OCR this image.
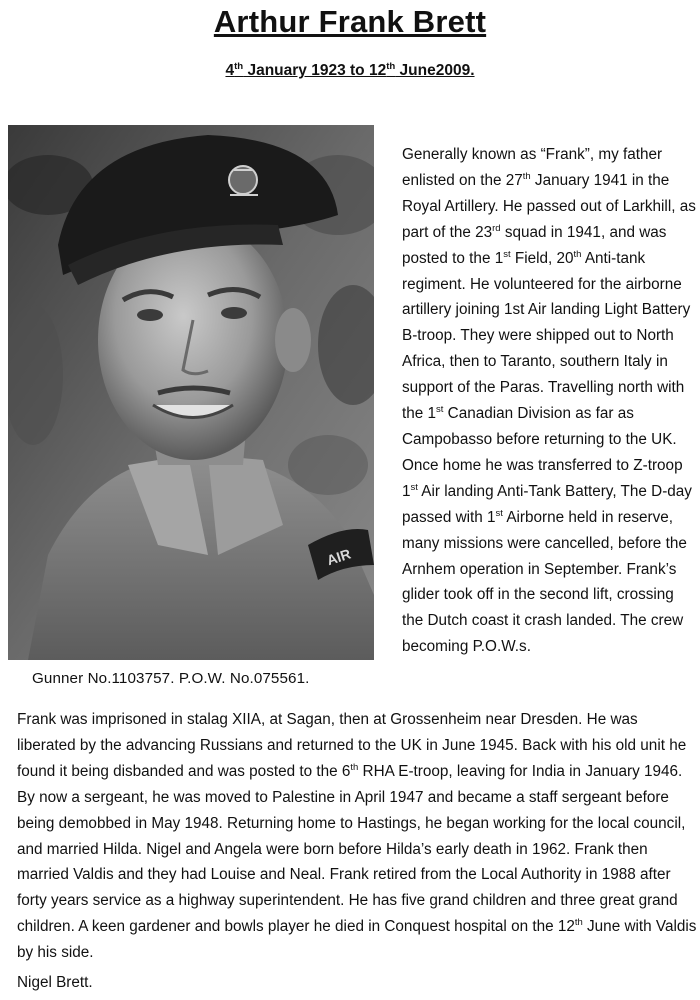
Arthur Frank Brett
4th January 1923 to 12th June2009.
AIR
Gunner No.1103757. P.O.W. No.075561.

Generally known as “Frank”, my father enlisted on the 27th January 1941 in the Royal Artillery. He passed out of Larkhill, as part of the 23rd squad in 1941, and was posted to the 1st Field, 20th Anti-tank regiment. He volunteered for the airborne artillery joining 1st Air landing Light Battery B-troop. They were shipped out to North Africa, then to Taranto, southern Italy in support of the Paras. Travelling north with the 1st Canadian Division as far as Campobasso before returning to the UK. Once home he was transferred to Z-troop 1st Air landing Anti-Tank Battery, The D-day passed with 1st Airborne held in reserve, many missions were cancelled, before the Arnhem operation in September. Frank’s glider took off in the second lift, crossing the Dutch coast it crash landed. The crew becoming P.O.W.s.

Frank was imprisoned in stalag XIIA, at Sagan, then at Grossenheim near Dresden. He was liberated by the advancing Russians and returned to the UK in June 1945. Back with his old unit he found it being disbanded and was posted to the 6th RHA E-troop, leaving for India in January 1946. By now a sergeant, he was moved to Palestine in April 1947 and became a staff sergeant before being demobbed in May 1948. Returning home to Hastings, he began working for the local council, and married Hilda. Nigel and Angela were born before Hilda’s early death in 1962. Frank then married Valdis and they had Louise and Neal. Frank retired from the Local Authority in 1988 after forty years service as a highway superintendent. He has five grand children and three great grand children. A keen gardener and bowls player he died in Conquest hospital on the 12th June with Valdis by his side.

Nigel Brett.
